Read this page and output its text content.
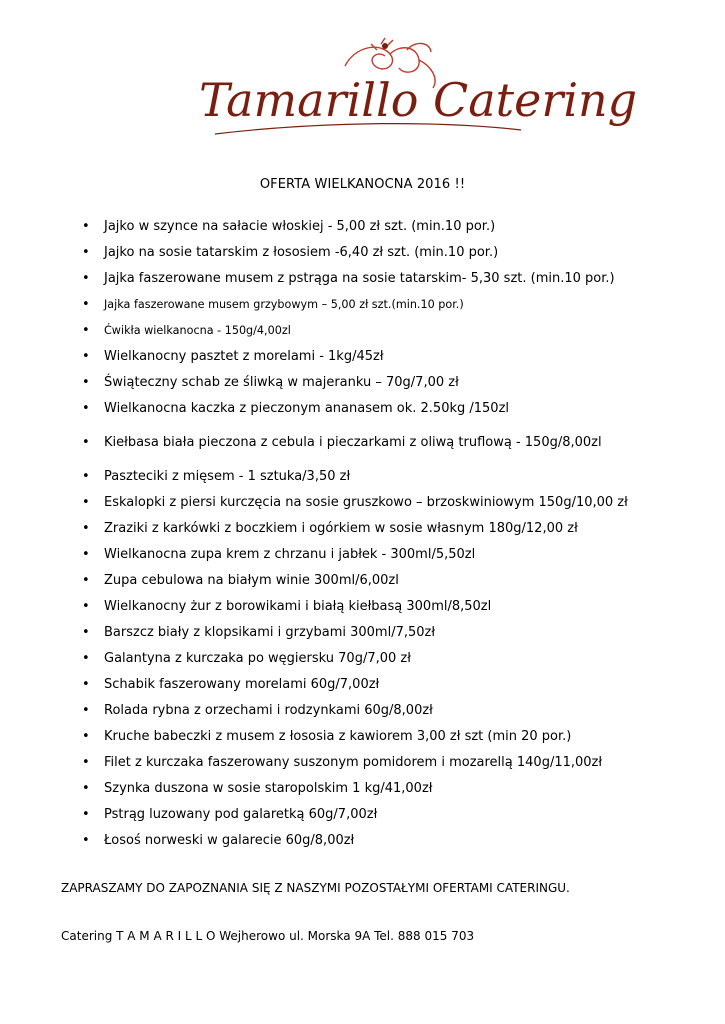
Tamarillo Catering
OFERTA WIELKANOCNA 2016 !!
• Jajko w szynce na sałacie włoskiej - 5,00 zł szt. (min.10 por.)
• Jajko na sosie tatarskim z łososiem -6,40 zł szt. (min.10 por.)
• Jajka faszerowane musem z pstrąga na sosie tatarskim- 5,30 szt. (min.10 por.)
• Jajka faszerowane musem grzybowym – 5,00 zł szt.(min.10 por.)
• Ćwikła wielkanocna - 150g/4,00zl
• Wielkanocny pasztet z morelami - 1kg/45zł
• Świąteczny schab ze śliwką w majeranku – 70g/7,00 zł
• Wielkanocna kaczka z pieczonym ananasem ok. 2.50kg /150zl
• Kiełbasa biała pieczona z cebula i pieczarkami z oliwą truflową - 150g/8,00zl
• Paszteciki z mięsem - 1 sztuka/3,50 zł
• Eskalopki z piersi kurczęcia na sosie gruszkowo – brzoskwiniowym 150g/10,00 zł
• Zraziki z karkówki z boczkiem i ogórkiem w sosie własnym 180g/12,00 zł
• Wielkanocna zupa krem z chrzanu i jabłek - 300ml/5,50zl
• Zupa cebulowa na białym winie 300ml/6,00zl
• Wielkanocny żur z borowikami i białą kiełbasą 300ml/8,50zl
• Barszcz biały z klopsikami i grzybami 300ml/7,50zł
• Galantyna z kurczaka po węgiersku 70g/7,00 zł
• Schabik faszerowany morelami 60g/7,00zł
• Rolada rybna z orzechami i rodzynkami 60g/8,00zł
• Kruche babeczki z musem z łososia z kawiorem 3,00 zł szt (min 20 por.)
• Filet z kurczaka faszerowany suszonym pomidorem i mozarellą 140g/11,00zł
• Szynka duszona w sosie staropolskim 1 kg/41,00zł
• Pstrąg luzowany pod galaretką 60g/7,00zł
• Łosoś norweski w galarecie 60g/8,00zł
ZAPRASZAMY DO ZAPOZNANIA SIĘ Z NASZYMI POZOSTAŁYMI OFERTAMI CATERINGU.
Catering T A M A R I L L O Wejherowo ul. Morska 9A Tel. 888 015 703
